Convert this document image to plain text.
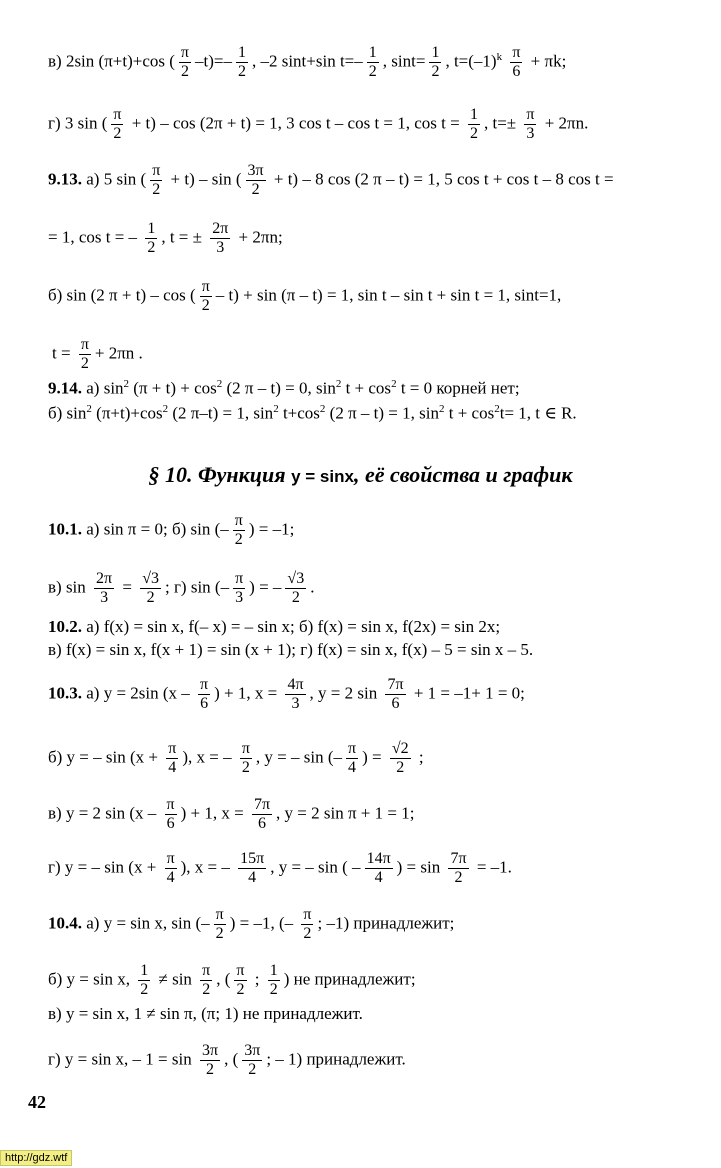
в) 2sin (π+t)+cos ( $\frac{\pi}{2} -t)=- \frac{1}{2}$ , –2 sint+sin $t=- \frac{1}{2}$ , $\sin t= \frac{1}{2}$ , $t=(-1)^k \frac{\pi}{6} + \pi k$;
г) 3 sin ( $\frac{\pi}{2} + t) - \cos (2\pi + t) = 1$, 3 cos t – cos t = 1, $\cos t = \frac{1}{2}$ , $t=\pm \frac{\pi}{3} + 2\pi n$.
9.13. а) 5 sin ( $\frac{\pi}{2} + t) - \sin$ ( $\frac{3\pi}{2} + t) - 8$ cos (2 π – t) = 1, 5 cos t + cos t – 8 cos t =
= 1, cos t = – $\frac{1}{2}$ , t = ± $\frac{2\pi}{3} + 2\pi n$;
б) sin (2 π + t) – cos ( $\frac{\pi}{2} - t) + \sin (\pi - t) = 1$, sin t – sin t + sin t = 1, sint=1,
$t = \frac{\pi}{2} + 2\pi n$ .
9.14. а) $\sin^2 (\pi + t) + \cos^2 (2$ π – t) = 0, $\sin^2 t + \cos^2 t = 0$ корней нет;
б) $\sin^2 (\pi+t)+\cos^2$ (2 π–t) = 1, $\sin^2 t+\cos^2$ (2 π – t) = 1, $\sin^2 t + \cos^2t= 1$, t ∈ R.
10.1. а) sin π = 0; б) sin (– $\frac{\pi}{2}$ ) = –1;
в) $\sin \frac{2\pi}{3} = \frac{√3}{2}$ ; г) sin (– $\frac{\pi}{3}$ ) = – $\frac{√3}{2}$ .
10.2. а) f(x) = sin x, f(– x) = – sin x; б) f(x) = sin x, f(2x) = sin 2x;
в) f(x) = sin x, f(x + 1) = sin (x + 1); г) f(x) = sin x, f(x) – 5 = sin x – 5.
10.3. а) y = 2sin ($x - \frac{\pi}{6}$ ) + 1, $x = \frac{4\pi}{3}$ , y = 2 $\sin \frac{7\pi}{6} + 1 = -1+ 1 = 0$;
б) y = – $\sin (x + \frac{\pi}{4}$ ), x = – $\frac{\pi}{2}$ , y = – sin (– $\frac{\pi}{4}$ ) = $\frac{√2}{2}$ ;
в) y = 2 $\sin (x - \frac{\pi}{6}$ ) + 1, $x = \frac{7\pi}{6}$ , y = 2 sin π + 1 = 1;
г) y = – $\sin (x + \frac{\pi}{4}$ ), x = – $\frac{15\pi}{4}$ , y = – sin ( – $\frac{14\pi}{4}$ ) = $\sin \frac{7\pi}{2} = -1$.
10.4. а) y = sin x, sin (– $\frac{\pi}{2}$ ) = –1, (– $\frac{\pi}{2}$ ; –1) принадлежит;
б) y = sin x, $\frac{1}{2} \ne \sin \frac{\pi}{2}$ , ( $\frac{\pi}{2}$ ; $\frac{1}{2}$ ) не принадлежит;
в) y = sin x, 1 ≠ sin π, (π; 1) не принадлежит.
г) y = sin x, – $1 = \sin \frac{3\pi}{2}$ , ( $\frac{3\pi}{2}$ ; – 1) принадлежит.
§ 10. Функция y = sinx, её свойства и график
42
http://gdz.wtf
